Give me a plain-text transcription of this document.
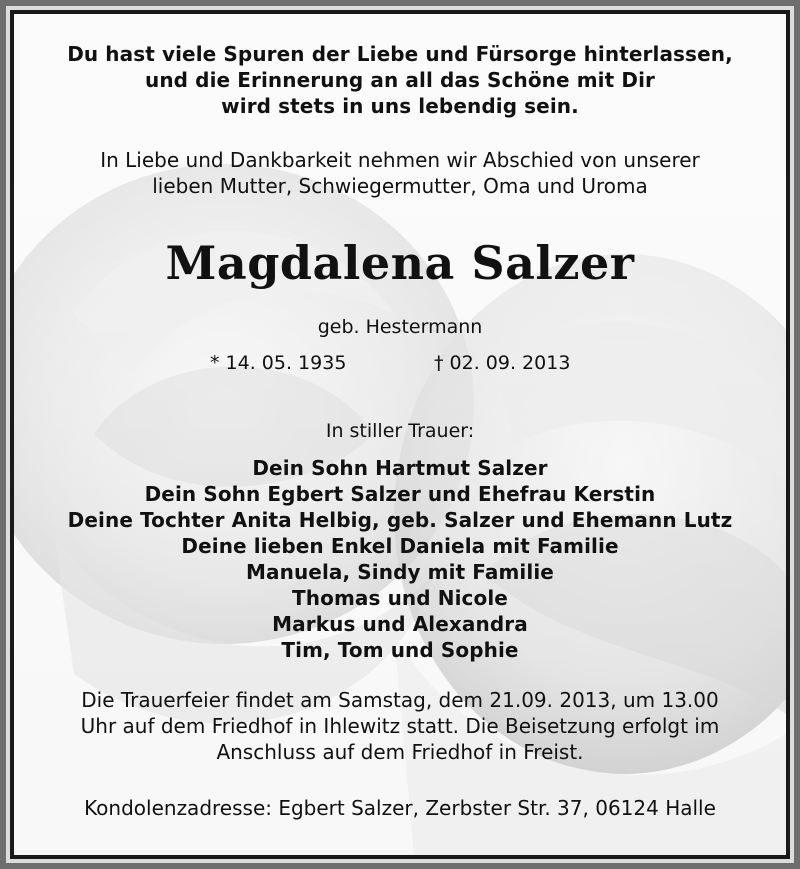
Du hast viele Spuren der Liebe und Fürsorge hinterlassen,
und die Erinnerung an all das Schöne mit Dir
wird stets in uns lebendig sein.
In Liebe und Dankbarkeit nehmen wir Abschied von unserer
lieben Mutter, Schwiegermutter, Oma und Uroma
Magdalena Salzer
geb. Hestermann
* 14. 05. 1935	† 02. 09. 2013
In stiller Trauer:
Dein Sohn Hartmut Salzer
Dein Sohn Egbert Salzer und Ehefrau Kerstin
Deine Tochter Anita Helbig, geb. Salzer und Ehemann Lutz
Deine lieben Enkel Daniela mit Familie
Manuela, Sindy mit Familie
Thomas und Nicole
Markus und Alexandra
Tim, Tom und Sophie
Die Trauerfeier findet am Samstag, dem 21.09. 2013, um 13.00
Uhr auf dem Friedhof in Ihlewitz statt. Die Beisetzung erfolgt im
Anschluss auf dem Friedhof in Freist.
Kondolenzadresse: Egbert Salzer, Zerbster Str. 37, 06124 Halle
